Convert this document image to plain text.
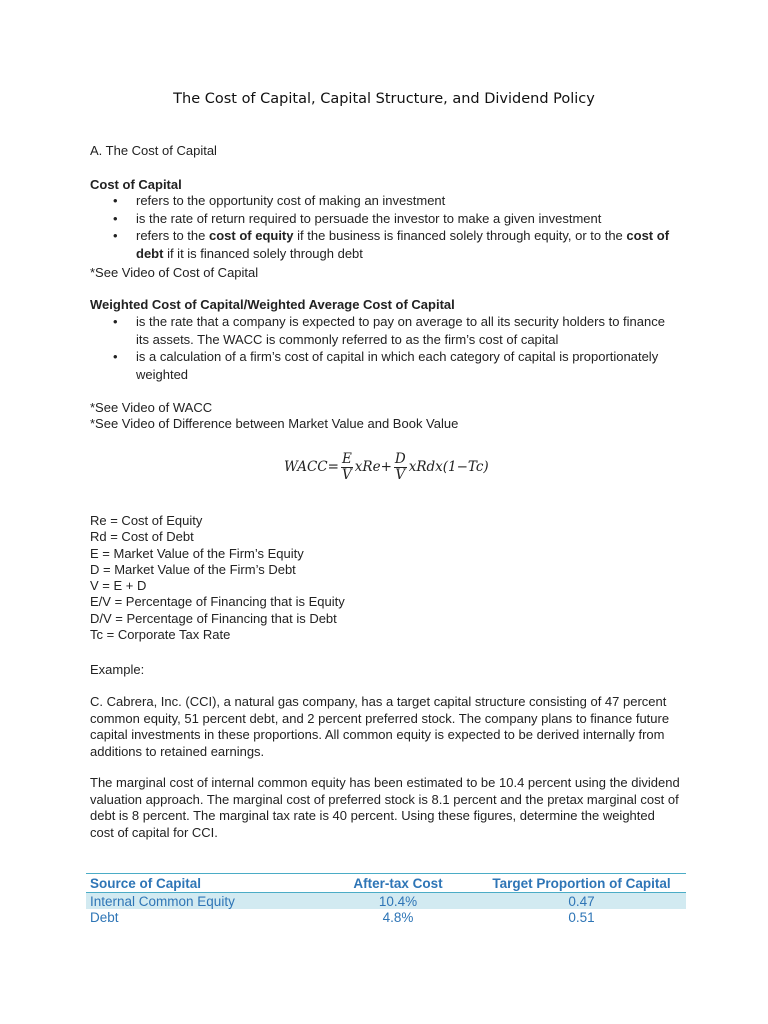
The Cost of Capital, Capital Structure, and Dividend Policy
A. The Cost of Capital
Cost of Capital
• refers to the opportunity cost of making an investment
• is the rate of return required to persuade the investor to make a given investment
• refers to the cost of equity if the business is financed solely through equity, or to the cost of debt if it is financed solely through debt
*See Video of Cost of Capital
Weighted Cost of Capital/Weighted Average Cost of Capital
• is the rate that a company is expected to pay on average to all its security holders to finance its assets. The WACC is commonly referred to as the firm’s cost of capital
• is a calculation of a firm’s cost of capital in which each category of capital is proportionately weighted
*See Video of WACC
*See Video of Difference between Market Value and Book Value
WACC= $\frac{E}{V} xRe+ \frac{D}{V}$ xRdx(1−Tc)
Re = Cost of Equity
Rd = Cost of Debt
E = Market Value of the Firm’s Equity
D = Market Value of the Firm’s Debt
V = E + D
E/V = Percentage of Financing that is Equity
D/V = Percentage of Financing that is Debt
Tc = Corporate Tax Rate
Example:
C. Cabrera, Inc. (CCI), a natural gas company, has a target capital structure consisting of 47 percent common equity, 51 percent debt, and 2 percent preferred stock. The company plans to finance future capital investments in these proportions. All common equity is expected to be derived internally from additions to retained earnings.
The marginal cost of internal common equity has been estimated to be 10.4 percent using the dividend valuation approach. The marginal cost of preferred stock is 8.1 percent and the pretax marginal cost of debt is 8 percent. The marginal tax rate is 40 percent. Using these figures, determine the weighted cost of capital for CCI.
Source of Capital	After-tax Cost	Target Proportion of Capital
Internal Common Equity	10.4%	0.47
Debt	4.8%	0.51
